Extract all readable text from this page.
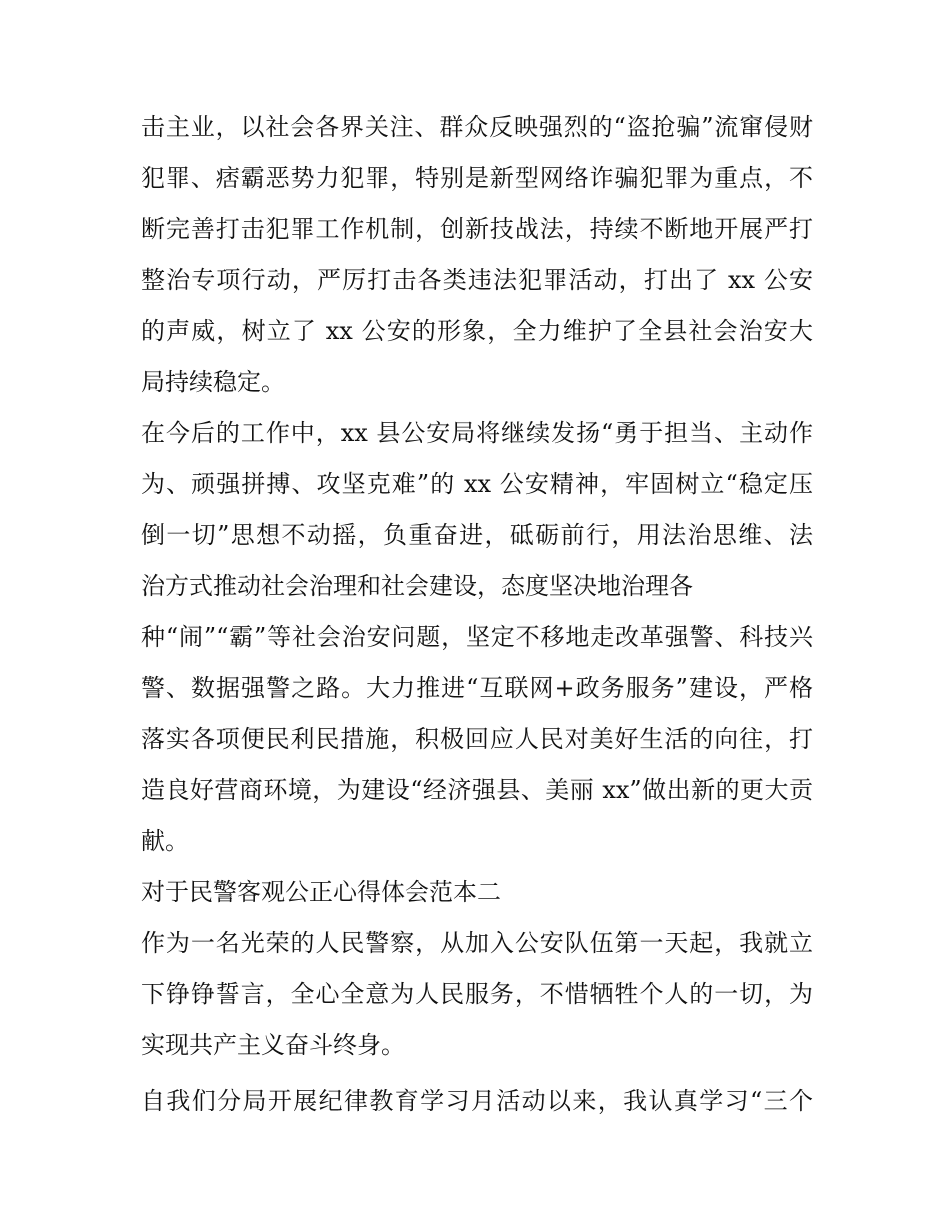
击主业，以社会各界关注、群众反映强烈的“盗抢骗”流窜侵财
犯罪、痞霸恶势力犯罪，特别是新型网络诈骗犯罪为重点，不
断完善打击犯罪工作机制，创新技战法，持续不断地开展严打
整治专项行动，严厉打击各类违法犯罪活动，打出了 xx 公安
的声威，树立了 xx 公安的形象，全力维护了全县社会治安大
局持续稳定。
在今后的工作中，xx 县公安局将继续发扬“勇于担当、主动作
为、顽强拼搏、攻坚克难”的 xx 公安精神，牢固树立“稳定压
倒一切”思想不动摇，负重奋进，砥砺前行，用法治思维、法
治方式推动社会治理和社会建设，态度坚决地治理各
种“闹”“霸”等社会治安问题，坚定不移地走改革强警、科技兴
警、数据强警之路。大力推进“互联网+政务服务”建设，严格
落实各项便民利民措施，积极回应人民对美好生活的向往，打
造良好营商环境，为建设“经济强县、美丽 xx”做出新的更大贡
献。
对于民警客观公正心得体会范本二
作为一名光荣的人民警察，从加入公安队伍第一天起，我就立
下铮铮誓言，全心全意为人民服务，不惜牺牲个人的一切，为
实现共产主义奋斗终身。
自我们分局开展纪律教育学习月活动以来，我认真学习“三个
